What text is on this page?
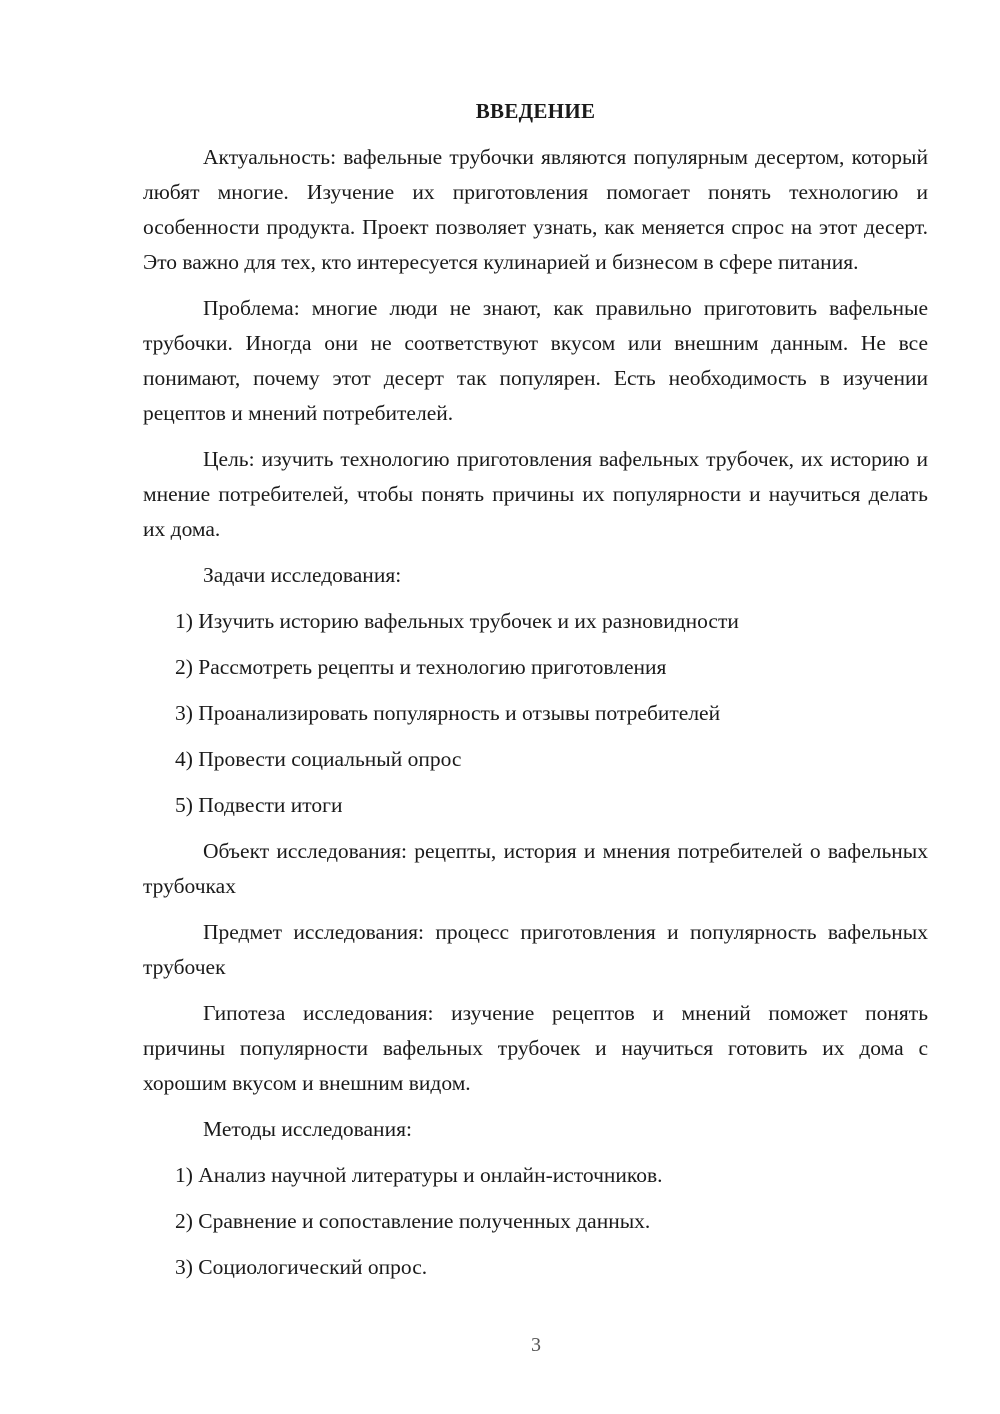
ВВЕДЕНИЕ

Актуальность: вафельные трубочки являются популярным десертом, который любят многие. Изучение их приготовления помогает понять технологию и особенности продукта. Проект позволяет узнать, как меняется спрос на этот десерт. Это важно для тех, кто интересуется кулинарией и бизнесом в сфере питания.

Проблема: многие люди не знают, как правильно приготовить вафельные трубочки. Иногда они не соответствуют вкусом или внешним данным. Не все понимают, почему этот десерт так популярен. Есть необходимость в изучении рецептов и мнений потребителей.

Цель: изучить технологию приготовления вафельных трубочек, их историю и мнение потребителей, чтобы понять причины их популярности и научиться делать их дома.

Задачи исследования:

1) Изучить историю вафельных трубочек и их разновидности
2) Рассмотреть рецепты и технологию приготовления
3) Проанализировать популярность и отзывы потребителей
4) Провести социальный опрос
5) Подвести итоги

Объект исследования: рецепты, история и мнения потребителей о вафельных трубочках

Предмет исследования: процесс приготовления и популярность вафельных трубочек

Гипотеза исследования: изучение рецептов и мнений поможет понять причины популярности вафельных трубочек и научиться готовить их дома с хорошим вкусом и внешним видом.

Методы исследования:

1) Анализ научной литературы и онлайн-источников.
2) Сравнение и сопоставление полученных данных.
3) Социологический опрос.
3
